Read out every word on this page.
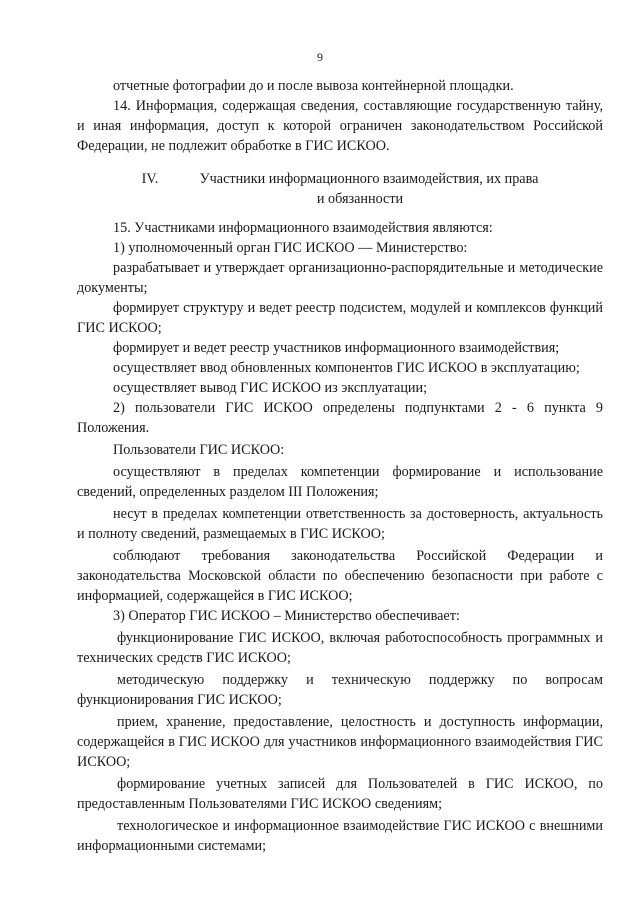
9

отчетные фотографии до и после вывоза контейнерной площадки.

14. Информация, содержащая сведения, составляющие государственную тайну, и иная информация, доступ к которой ограничен законодательством Российской Федерации, не подлежит обработке в ГИС ИСКОО.

IV.	Участники информационного взаимодействия, их права
и обязанности

15. Участниками информационного взаимодействия являются:

1) уполномоченный орган ГИС ИСКОО — Министерство:

разрабатывает и утверждает организационно-распорядительные и методические документы;

формирует структуру и ведет реестр подсистем, модулей и комплексов функций ГИС ИСКОО;

формирует и ведет реестр участников информационного взаимодействия;

осуществляет ввод обновленных компонентов ГИС ИСКОО в эксплуатацию;

осуществляет вывод ГИС ИСКОО из эксплуатации;

2) пользователи ГИС ИСКОО определены подпунктами 2 - 6 пункта 9 Положения.

Пользователи ГИС ИСКОО:

осуществляют в пределах компетенции формирование и использование сведений, определенных разделом III Положения;

несут в пределах компетенции ответственность за достоверность, актуальность и полноту сведений, размещаемых в ГИС ИСКОО;

соблюдают требования законодательства Российской Федерации и законодательства Московской области по обеспечению безопасности при работе с информацией, содержащейся в ГИС ИСКОО;

3) Оператор ГИС ИСКОО – Министерство обеспечивает:

функционирование ГИС ИСКОО, включая работоспособность программных и технических средств ГИС ИСКОО;

методическую поддержку и техническую поддержку по вопросам функционирования ГИС ИСКОО;

прием, хранение, предоставление, целостность и доступность информации, содержащейся в ГИС ИСКОО для участников информационного взаимодействия ГИС ИСКОО;

формирование учетных записей для Пользователей в ГИС ИСКОО, по предоставленным Пользователями ГИС ИСКОО сведениям;

технологическое и информационное взаимодействие ГИС ИСКОО с внешними информационными системами;
